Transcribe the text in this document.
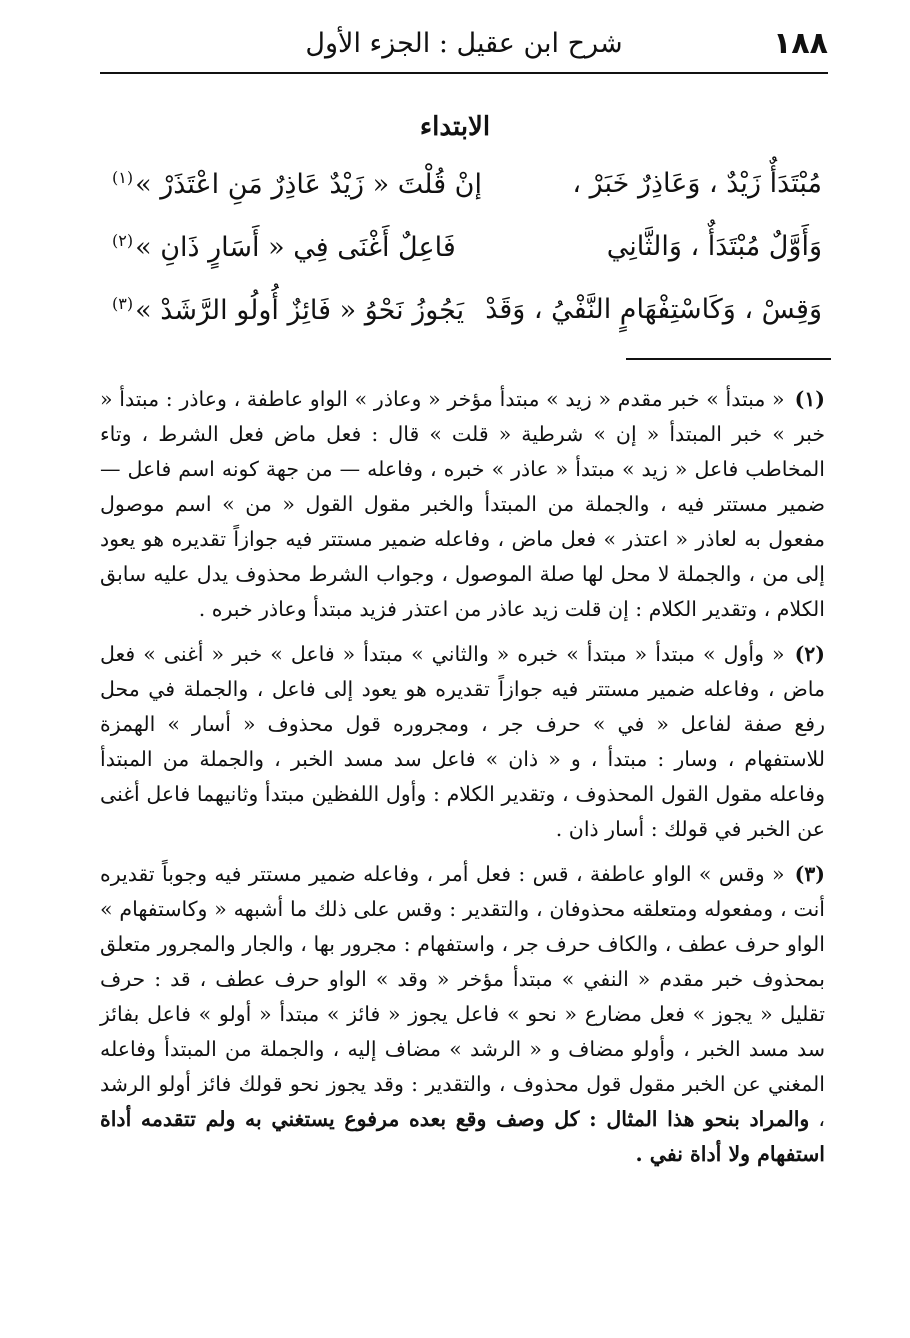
١٨٨
شرح ابن عقيل : الجزء الأول
الابتداء
مُبْتَدَأٌ زَيْدٌ ، وَعَاذِرٌ خَبَرْ ،
إنْ قُلْتَ « زَيْدٌ عَاذِرٌ مَنِ اعْتَذَرْ »$^{(١)}$
وَأَوَّلٌ مُبْتَدَأٌ ، وَالثَّانِي
فَاعِلٌ أَغْنَى فِي « أَسَارٍ ذَانِ »$^{(٢)}$
وَقِسْ ، وَكَاسْتِفْهَامٍ النَّفْيُ ، وَقَدْ
يَجُوزُ نَحْوُ « فَائِزٌ أُولُو الرَّشَدْ »$^{(٣)}$

(١)« مبتدأ » خبر مقدم « زيد » مبتدأ مؤخر « وعاذر » الواو عاطفة ، وعاذر : مبتدأ « خبر » خبر المبتدأ « إن » شرطية « قلت » قال : فعل ماض فعل الشرط ، وتاء المخاطب فاعل « زيد » مبتدأ « عاذر » خبره ، وفاعله — من جهة كونه اسم فاعل — ضمير مستتر فيه ، والجملة من المبتدأ والخبر مقول القول « من » اسم موصول مفعول به لعاذر « اعتذر » فعل ماض ، وفاعله ضمير مستتر فيه جوازاً تقديره هو يعود إلى من ، والجملة لا محل لها صلة الموصول ، وجواب الشرط محذوف يدل عليه سابق الكلام ، وتقدير الكلام : إن قلت زيد عاذر من اعتذر فزيد مبتدأ وعاذر خبره .

(٢)« وأول » مبتدأ « مبتدأ » خبره « والثاني » مبتدأ « فاعل » خبر « أغنى » فعل ماض ، وفاعله ضمير مستتر فيه جوازاً تقديره هو يعود إلى فاعل ، والجملة في محل رفع صفة لفاعل « في » حرف جر ، ومجروره قول محذوف « أسار » الهمزة للاستفهام ، وسار : مبتدأ ، و « ذان » فاعل سد مسد الخبر ، والجملة من المبتدأ وفاعله مقول القول المحذوف ، وتقدير الكلام : وأول اللفظين مبتدأ وثانيهما فاعل أغنى عن الخبر في قولك : أسار ذان .

(٣)« وقس » الواو عاطفة ، قس : فعل أمر ، وفاعله ضمير مستتر فيه وجوباً تقديره أنت ، ومفعوله ومتعلقه محذوفان ، والتقدير : وقس على ذلك ما أشبهه « وكاستفهام » الواو حرف عطف ، والكاف حرف جر ، واستفهام : مجرور بها ، والجار والمجرور متعلق بمحذوف خبر مقدم « النفي » مبتدأ مؤخر « وقد » الواو حرف عطف ، قد : حرف تقليل « يجوز » فعل مضارع « نحو » فاعل يجوز « فائز » مبتدأ « أولو » فاعل بفائز سد مسد الخبر ، وأولو مضاف و « الرشد » مضاف إليه ، والجملة من المبتدأ وفاعله المغني عن الخبر مقول قول محذوف ، والتقدير : وقد يجوز نحو قولك فائز أولو الرشد ، والمراد بنحو هذا المثال : كل وصف وقع بعده مرفوع يستغني به ولم تتقدمه أداة استفهام ولا أداة نفي .
